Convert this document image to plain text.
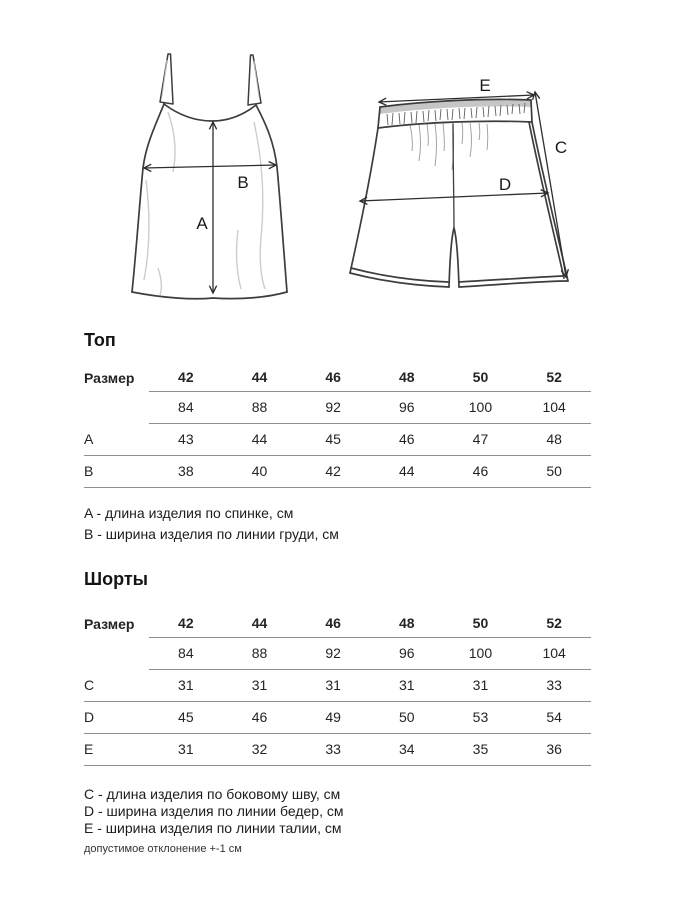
A
B
E
C
D
Топ
Размер	42	44	46	48	50	52
	84	88	92	96	100	104
A	43	44	45	46	47	48
B	38	40	42	44	46	50
A - длина изделия по спинке, см
B - ширина изделия по линии груди, см
Шорты
Размер	42	44	46	48	50	52
	84	88	92	96	100	104
C	31	31	31	31	31	33
D	45	46	49	50	53	54
E	31	32	33	34	35	36
C - длина изделия по боковому шву, см
D - ширина изделия по линии бедер, см
E - ширина изделия по линии талии, см
допустимое отклонение +-1 см
